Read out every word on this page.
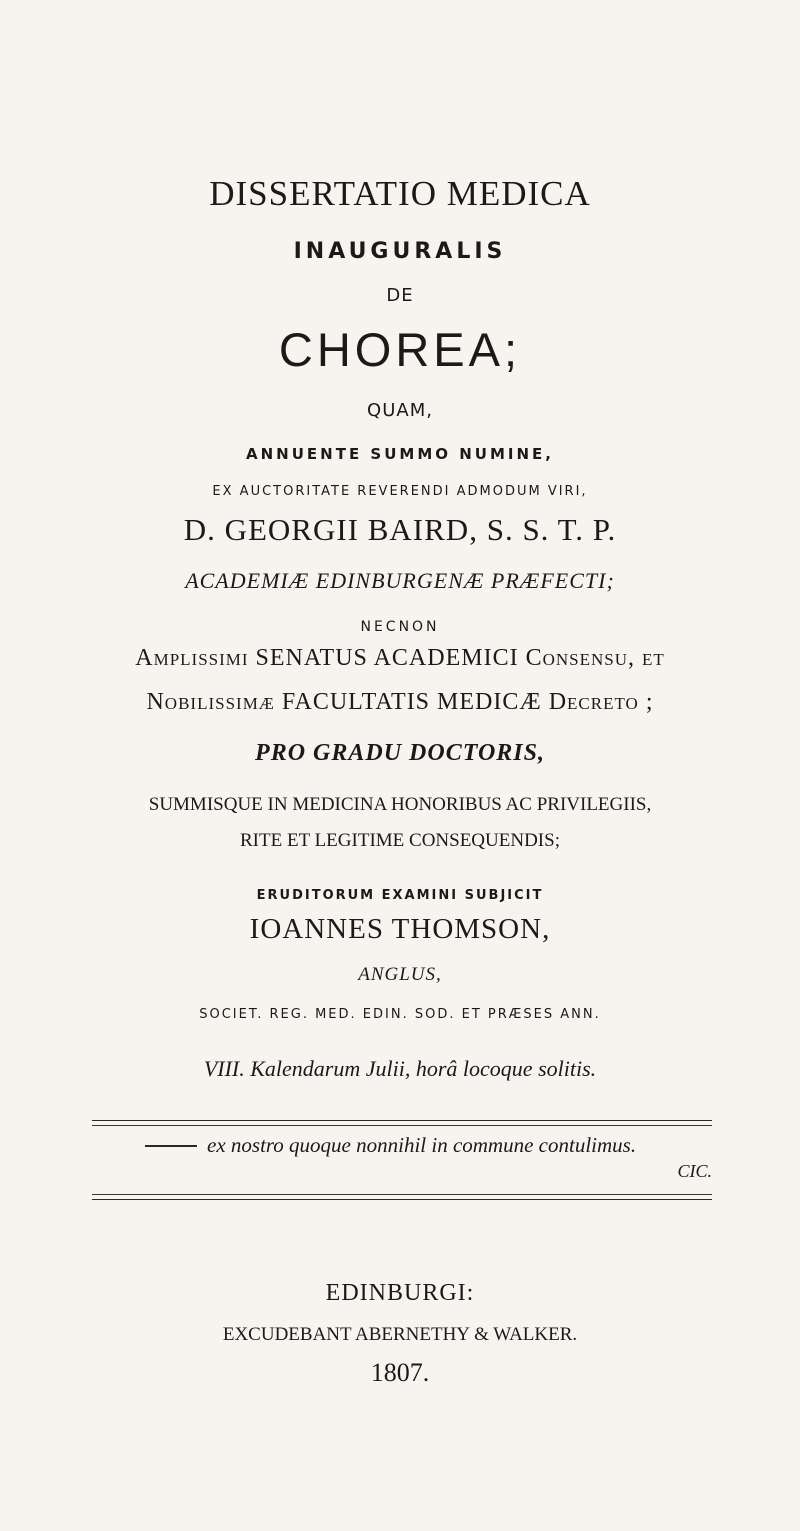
DISSERTATIO MEDICA
INAUGURALIS
DE
CHOREA;
QUAM,
ANNUENTE SUMMO NUMINE,
EX AUCTORITATE REVERENDI ADMODUM VIRI,
D. GEORGII BAIRD, S. S. T. P.
ACADEMIÆ EDINBURGENÆ PRÆFECTI;
NECNON
Amplissimi SENATUS ACADEMICI Consensu, et
Nobilissimæ FACULTATIS MEDICÆ Decreto ;
PRO GRADU DOCTORIS,
SUMMISQUE IN MEDICINA HONORIBUS AC PRIVILEGIIS,
RITE ET LEGITIME CONSEQUENDIS;
ERUDITORUM EXAMINI SUBJICIT
IOANNES THOMSON,
ANGLUS,
SOCIET. REG. MED. EDIN. SOD. ET PRÆSES ANN.
VIII. Kalendarum Julii, horâ locoque solitis.
ex nostro quoque nonnihil in commune contulimus.
CIC.
EDINBURGI:
EXCUDEBANT ABERNETHY & WALKER.
1807.
